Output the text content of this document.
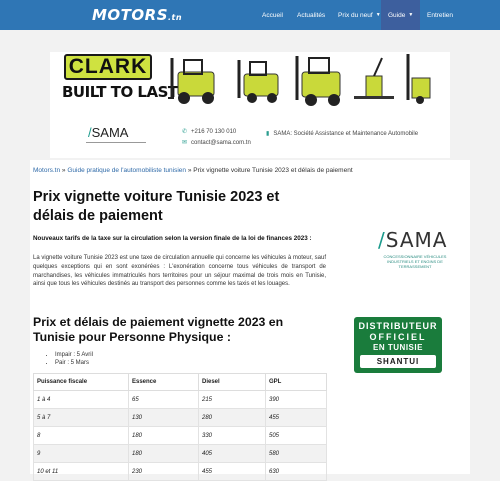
MOTORS.tn	Accueil	Actualités	Prix du neuf ▼ Guide ▼	Entretien
CLARK
BUILT TO LAST
/SAMA	✆ +216 70 130 010
✉ contact@sama.com.tn
▮ SAMA: Société Assistance et Maintenance Automobile
Motors.tn » Guide pratique de l'automobiliste tunisien » Prix vignette voiture Tunisie 2023 et délais de paiement
Prix vignette voiture Tunisie 2023 et délais de paiement
Nouveaux tarifs de la taxe sur la circulation selon la version finale de la loi de finances 2023 :

La vignette voiture Tunisie 2023 est une taxe de circulation annuelle qui concerne les véhicules à moteur, sauf quelques exceptions qui en sont exonérées : L'exonération concerne tous véhicules de transport de marchandises, les véhicules immatriculés hors territoires pour un séjour maximal de trois mois en Tunisie, ainsi que tous les véhicules destinés au transport des personnes comme les taxis et les louages.

Prix et délais de paiement vignette 2023 en Tunisie pour Personne Physique :
• Impair : 5 Avril
• Pair : 5 Mars
Puissance fiscale	Essence	Diesel	GPL
1 à 4	65	215	390
5 à 7	130	280	455
8	180	330	505
9	180	405	580
10 et 11	230	455	630
/SAMA
CONCESSIONNAIRE VÉHICULES INDUSTRIELS ET ENGINS DE TERRASSEMENT
DISTRIBUTEUR
OFFICIEL
EN TUNISIE
SHANTUI
